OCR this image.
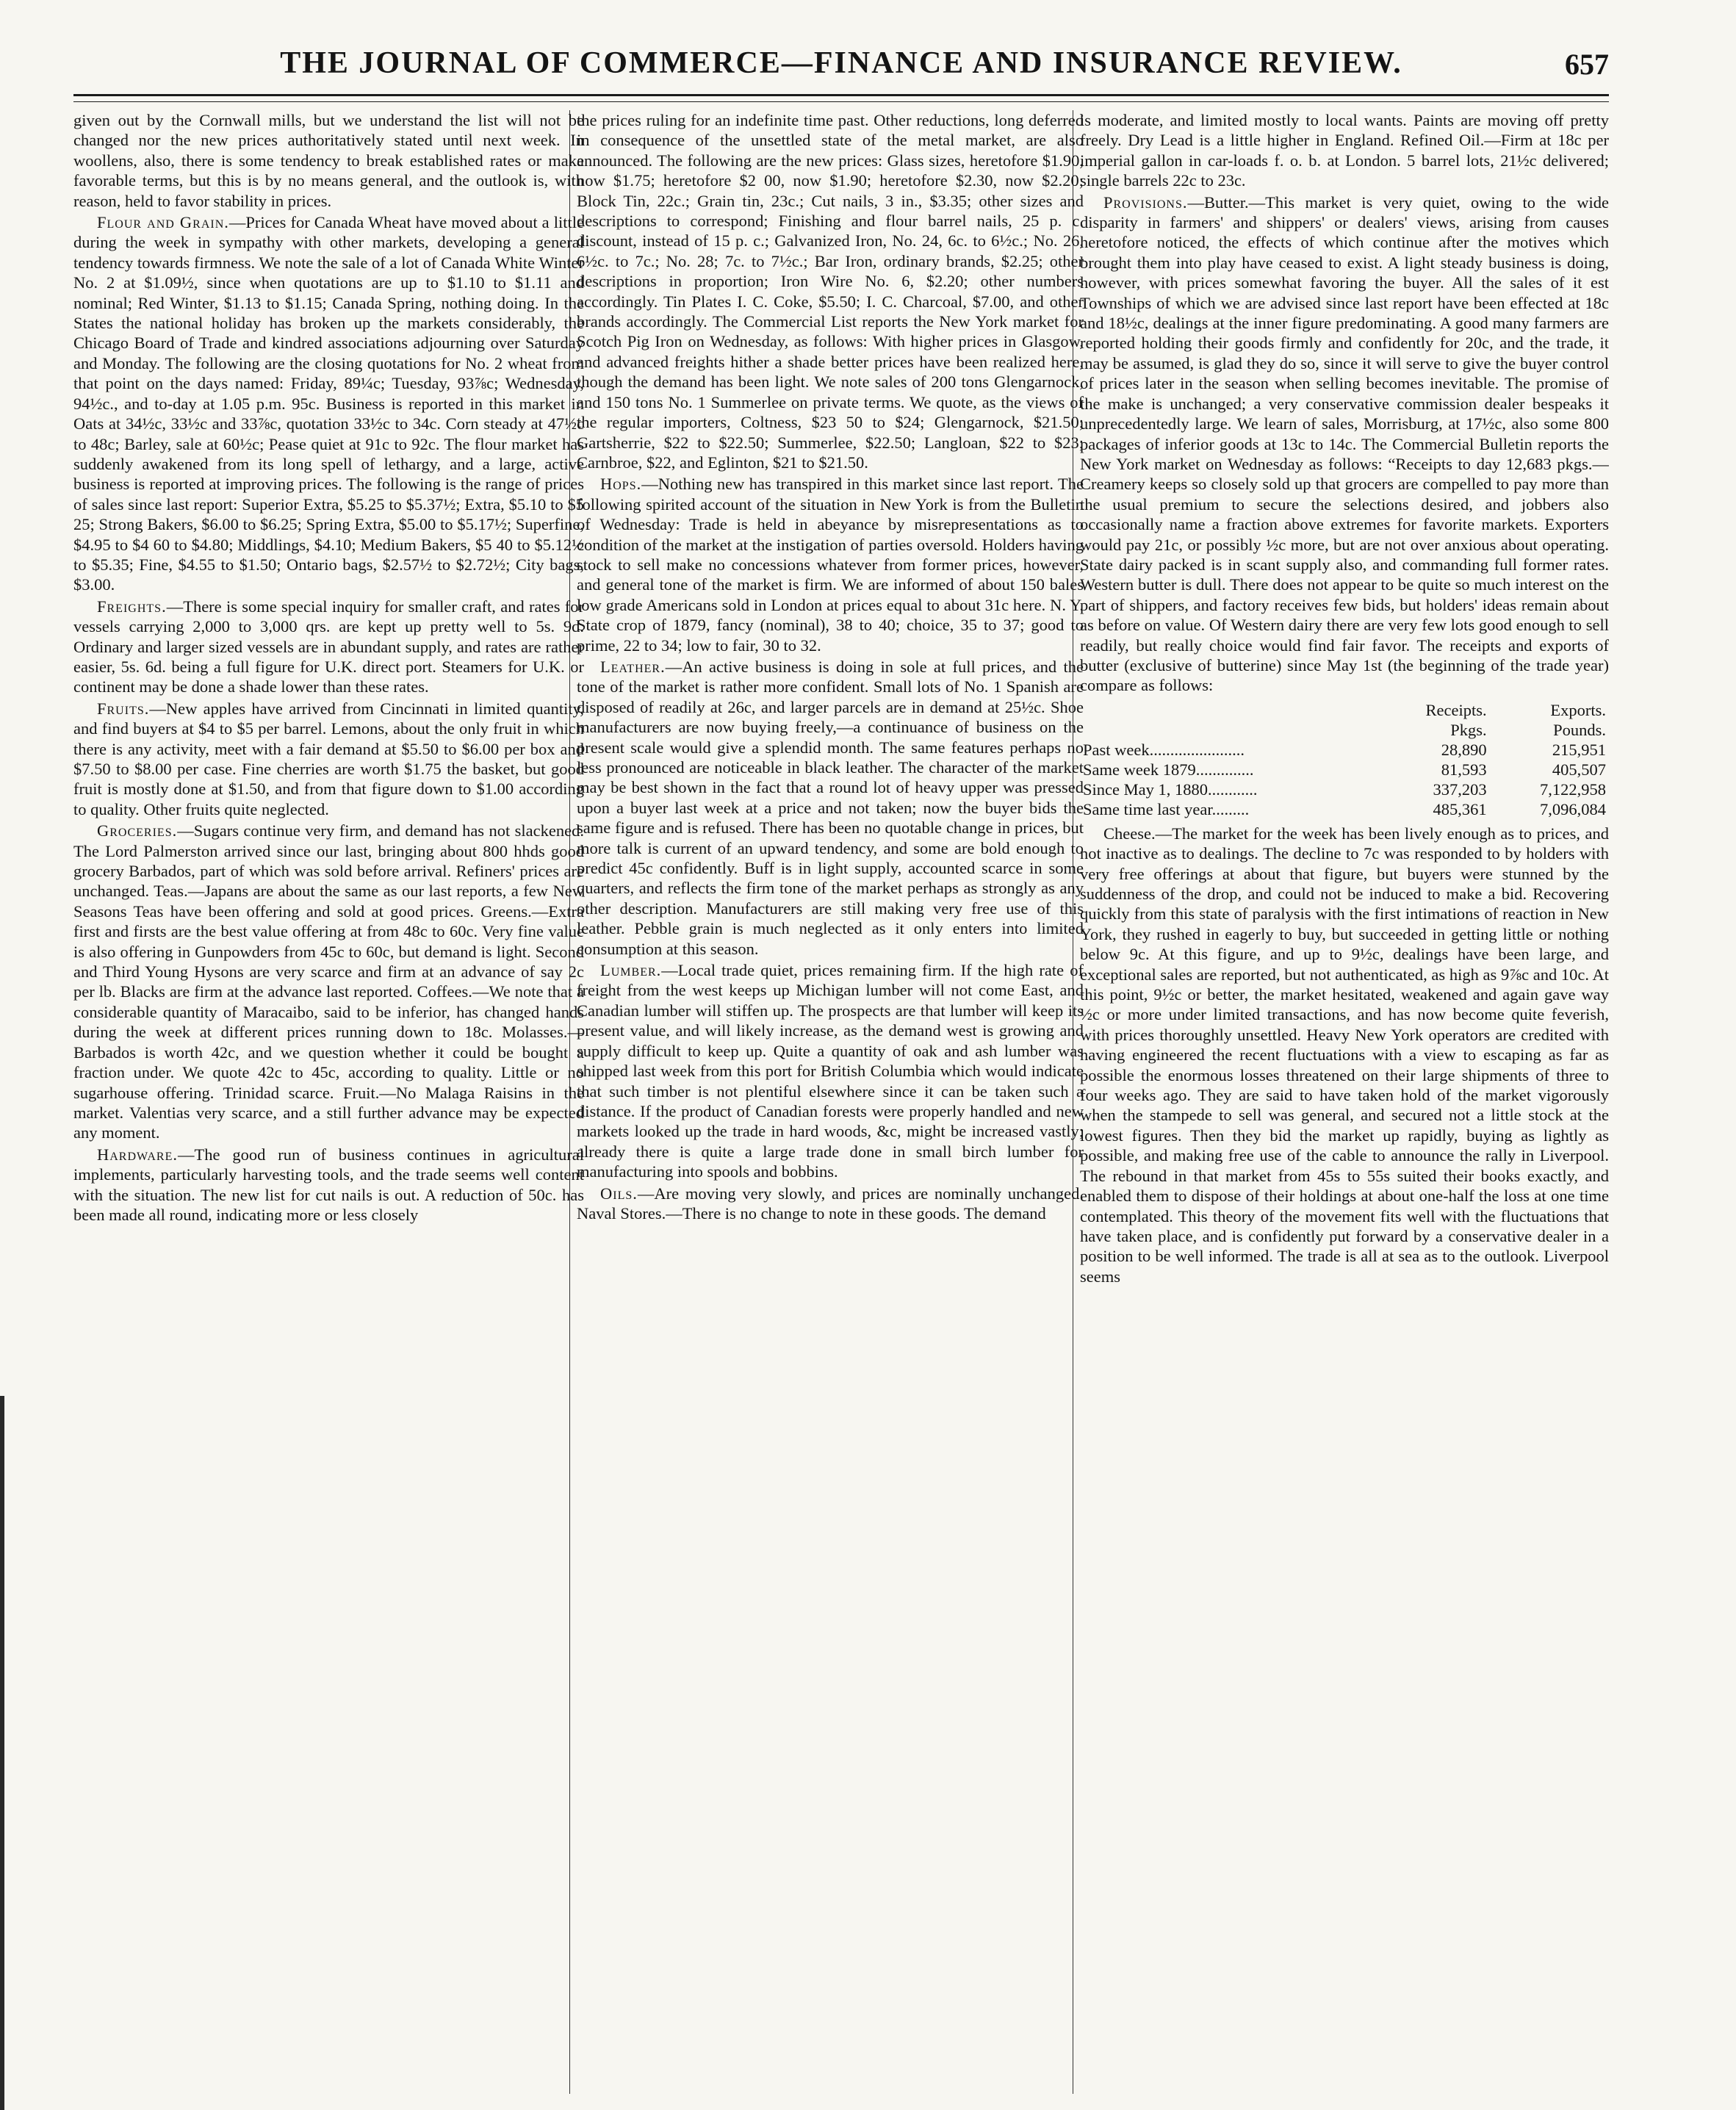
THE JOURNAL OF COMMERCE—FINANCE AND INSURANCE REVIEW.	657

given out by the Cornwall mills, but we understand the list will not be changed nor the new prices authoritatively stated until next week. In woollens, also, there is some tendency to break established rates or make favorable terms, but this is by no means general, and the outlook is, with reason, held to favor stability in prices.

Flour and Grain.—Prices for Canada Wheat have moved about a little during the week in sympathy with other markets, developing a general tendency towards firmness. We note the sale of a lot of Canada White Winter No. 2 at $1.09½, since when quotations are up to $1.10 to $1.11 and nominal; Red Winter, $1.13 to $1.15; Canada Spring, nothing doing. In the States the national holiday has broken up the markets considerably, the Chicago Board of Trade and kindred associations adjourning over Saturday and Monday. The following are the closing quotations for No. 2 wheat from that point on the days named: Friday, 89¼c; Tuesday, 93⅞c; Wednesday, 94½c., and to-day at 1.05 p.m. 95c. Business is reported in this market in Oats at 34½c, 33½c and 33⅞c, quotation 33½c to 34c. Corn steady at 47½c to 48c; Barley, sale at 60½c; Pease quiet at 91c to 92c. The flour market has suddenly awakened from its long spell of lethargy, and a large, active business is reported at improving prices. The following is the range of prices of sales since last report: Superior Extra, $5.25 to $5.37½; Extra, $5.10 to $5 25; Strong Bakers, $6.00 to $6.25; Spring Extra, $5.00 to $5.17½; Superfine, $4.95 to $4 60 to $4.80; Middlings, $4.10; Medium Bakers, $5 40 to $5.12½ to $5.35; Fine, $4.55 to $1.50; Ontario bags, $2.57½ to $2.72½; City bags, $3.00.

Freights.—There is some special inquiry for smaller craft, and rates for vessels carrying 2,000 to 3,000 qrs. are kept up pretty well to 5s. 9d. Ordinary and larger sized vessels are in abundant supply, and rates are rather easier, 5s. 6d. being a full figure for U.K. direct port. Steamers for U.K. or continent may be done a shade lower than these rates.

Fruits.—New apples have arrived from Cincinnati in limited quantity, and find buyers at $4 to $5 per barrel. Lemons, about the only fruit in which there is any activity, meet with a fair demand at $5.50 to $6.00 per box and $7.50 to $8.00 per case. Fine cherries are worth $1.75 the basket, but good fruit is mostly done at $1.50, and from that figure down to $1.00 according to quality. Other fruits quite neglected.

Groceries.—Sugars continue very firm, and demand has not slackened. The Lord Palmerston arrived since our last, bringing about 800 hhds good grocery Barbados, part of which was sold before arrival. Refiners' prices are unchanged. Teas.—Japans are about the same as our last reports, a few New Seasons Teas have been offering and sold at good prices. Greens.—Extra first and firsts are the best value offering at from 48c to 60c. Very fine value is also offering in Gunpowders from 45c to 60c, but demand is light. Second and Third Young Hysons are very scarce and firm at an advance of say 2c per lb. Blacks are firm at the advance last reported. Coffees.—We note that a considerable quantity of Maracaibo, said to be inferior, has changed hands during the week at different prices running down to 18c. Molasses.—Barbados is worth 42c, and we question whether it could be bought a fraction under. We quote 42c to 45c, according to quality. Little or no sugarhouse offering. Trinidad scarce. Fruit.—No Malaga Raisins in the market. Valentias very scarce, and a still further advance may be expected any moment.

Hardware.—The good run of business continues in agricultural implements, particularly harvesting tools, and the trade seems well content with the situation. The new list for cut nails is out. A reduction of 50c. has been made all round, indicating more or less closely

the prices ruling for an indefinite time past. Other reductions, long deferred in consequence of the unsettled state of the metal market, are also announced. The following are the new prices: Glass sizes, heretofore $1.90, now $1.75; heretofore $2 00, now $1.90; heretofore $2.30, now $2.20; Block Tin, 22c.; Grain tin, 23c.; Cut nails, 3 in., $3.35; other sizes and descriptions to correspond; Finishing and flour barrel nails, 25 p. c. discount, instead of 15 p. c.; Galvanized Iron, No. 24, 6c. to 6½c.; No. 26, 6½c. to 7c.; No. 28; 7c. to 7½c.; Bar Iron, ordinary brands, $2.25; other descriptions in proportion; Iron Wire No. 6, $2.20; other numbers accordingly. Tin Plates I. C. Coke, $5.50; I. C. Charcoal, $7.00, and other brands accordingly. The Commercial List reports the New York market for Scotch Pig Iron on Wednesday, as follows: With higher prices in Glasgow, and advanced freights hither a shade better prices have been realized here, though the demand has been light. We note sales of 200 tons Glengarnock, and 150 tons No. 1 Summerlee on private terms. We quote, as the views of the regular importers, Coltness, $23 50 to $24; Glengarnock, $21.50; Gartsherrie, $22 to $22.50; Summerlee, $22.50; Langloan, $22 to $23; Carnbroe, $22, and Eglinton, $21 to $21.50.

Hops.—Nothing new has transpired in this market since last report. The following spirited account of the situation in New York is from the Bulletin of Wednesday: Trade is held in abeyance by misrepresentations as to condition of the market at the instigation of parties oversold. Holders having stock to sell make no concessions whatever from former prices, however, and general tone of the market is firm. We are informed of about 150 bales low grade Americans sold in London at prices equal to about 31c here. N. Y. State crop of 1879, fancy (nominal), 38 to 40; choice, 35 to 37; good to prime, 22 to 34; low to fair, 30 to 32.

Leather.—An active business is doing in sole at full prices, and the tone of the market is rather more confident. Small lots of No. 1 Spanish are disposed of readily at 26c, and larger parcels are in demand at 25½c. Shoe manufacturers are now buying freely,—a continuance of business on the present scale would give a splendid month. The same features perhaps no less pronounced are noticeable in black leather. The character of the market may be best shown in the fact that a round lot of heavy upper was pressed upon a buyer last week at a price and not taken; now the buyer bids the same figure and is refused. There has been no quotable change in prices, but more talk is current of an upward tendency, and some are bold enough to predict 45c confidently. Buff is in light supply, accounted scarce in some quarters, and reflects the firm tone of the market perhaps as strongly as any other description. Manufacturers are still making very free use of this leather. Pebble grain is much neglected as it only enters into limited consumption at this season.

Lumber.—Local trade quiet, prices remaining firm. If the high rate of freight from the west keeps up Michigan lumber will not come East, and Canadian lumber will stiffen up. The prospects are that lumber will keep its present value, and will likely increase, as the demand west is growing and supply difficult to keep up. Quite a quantity of oak and ash lumber was shipped last week from this port for British Columbia which would indicate that such timber is not plentiful elsewhere since it can be taken such a distance. If the product of Canadian forests were properly handled and new markets looked up the trade in hard woods, &c, might be increased vastly; already there is quite a large trade done in small birch lumber for manufacturing into spools and bobbins.

Oils.—Are moving very slowly, and prices are nominally unchanged. Naval Stores.—There is no change to note in these goods. The demand

is moderate, and limited mostly to local wants. Paints are moving off pretty freely. Dry Lead is a little higher in England. Refined Oil.—Firm at 18c per imperial gallon in car-loads f. o. b. at London. 5 barrel lots, 21½c delivered; single barrels 22c to 23c.

Provisions.—Butter.—This market is very quiet, owing to the wide disparity in farmers' and shippers' or dealers' views, arising from causes heretofore noticed, the effects of which continue after the motives which brought them into play have ceased to exist. A light steady business is doing, however, with prices somewhat favoring the buyer. All the sales of it est Townships of which we are advised since last report have been effected at 18c and 18½c, dealings at the inner figure predominating. A good many farmers are reported holding their goods firmly and confidently for 20c, and the trade, it may be assumed, is glad they do so, since it will serve to give the buyer control of prices later in the season when selling becomes inevitable. The promise of the make is unchanged; a very conservative commission dealer bespeaks it unprecedentedly large. We learn of sales, Morrisburg, at 17½c, also some 800 packages of inferior goods at 13c to 14c. The Commercial Bulletin reports the New York market on Wednesday as follows: “Receipts to day 12,683 pkgs.—Creamery keeps so closely sold up that grocers are compelled to pay more than the usual premium to secure the selections desired, and jobbers also occasionally name a fraction above extremes for favorite markets. Exporters would pay 21c, or possibly ½c more, but are not over anxious about operating. State dairy packed is in scant supply also, and commanding full former rates. Western butter is dull. There does not appear to be quite so much interest on the part of shippers, and factory receives few bids, but holders' ideas remain about as before on value. Of Western dairy there are very few lots good enough to sell readily, but really choice would find fair favor. The receipts and exports of butter (exclusive of butterine) since May 1st (the beginning of the trade year) compare as follows:

	Receipts.	Exports.
	Pkgs.	Pounds.
Past week.......................	28,890	215,951
Same week 1879..............	81,593	405,507
Since May 1, 1880............	337,203	7,122,958
Same time last year.........	485,361	7,096,084

Cheese.—The market for the week has been lively enough as to prices, and not inactive as to dealings. The decline to 7c was responded to by holders with very free offerings at about that figure, but buyers were stunned by the suddenness of the drop, and could not be induced to make a bid. Recovering quickly from this state of paralysis with the first intimations of reaction in New York, they rushed in eagerly to buy, but succeeded in getting little or nothing below 9c. At this figure, and up to 9½c, dealings have been large, and exceptional sales are reported, but not authenticated, as high as 9⅞c and 10c. At this point, 9½c or better, the market hesitated, weakened and again gave way ½c or more under limited transactions, and has now become quite feverish, with prices thoroughly unsettled. Heavy New York operators are credited with having engineered the recent fluctuations with a view to escaping as far as possible the enormous losses threatened on their large shipments of three to four weeks ago. They are said to have taken hold of the market vigorously when the stampede to sell was general, and secured not a little stock at the lowest figures. Then they bid the market up rapidly, buying as lightly as possible, and making free use of the cable to announce the rally in Liverpool. The rebound in that market from 45s to 55s suited their books exactly, and enabled them to dispose of their holdings at about one-half the loss at one time contemplated. This theory of the movement fits well with the fluctuations that have taken place, and is confidently put forward by a conservative dealer in a position to be well informed. The trade is all at sea as to the outlook. Liverpool seems
